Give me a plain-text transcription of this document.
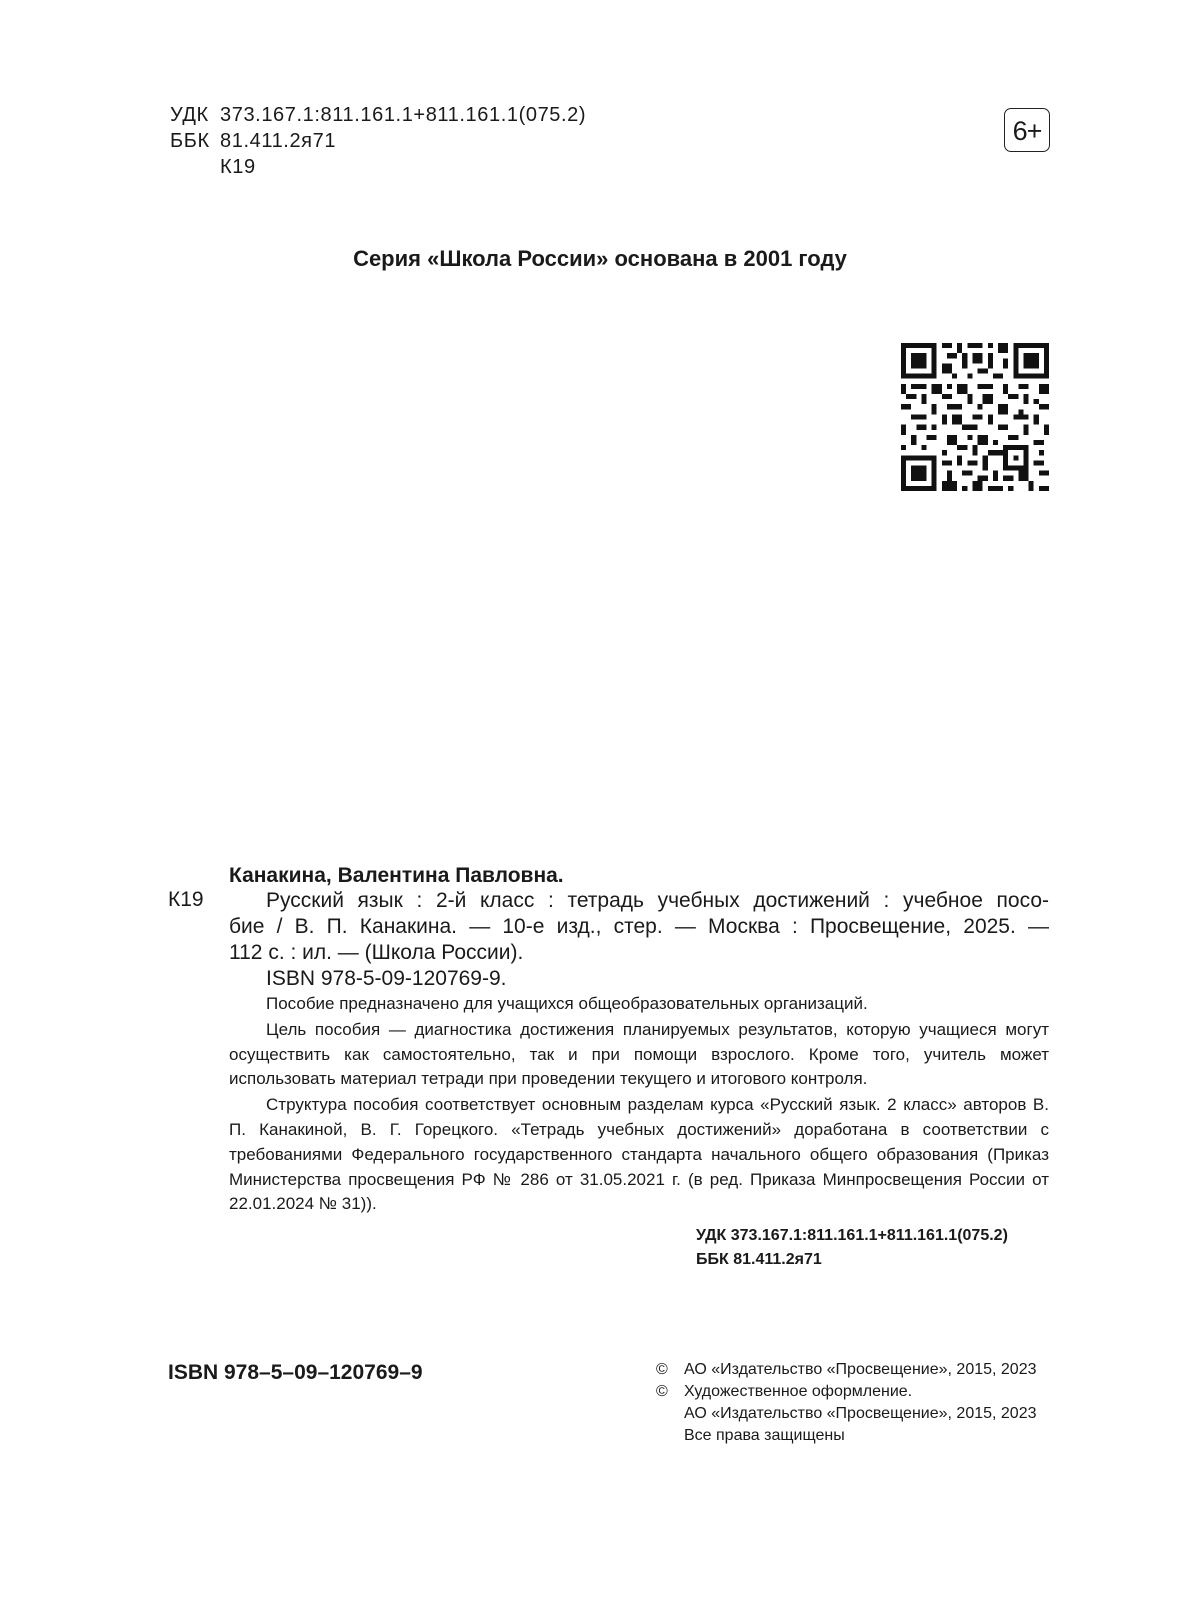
УДК 373.167.1:811.161.1+811.161.1(075.2)
ББК 81.411.2я71
К19
6+
Серия «Школа России» основана в 2001 году
Канакина, Валентина Павловна.
К19	Русский язык : 2-й класс : тетрадь учебных достижений : учебное посо-
бие / В. П. Канакина. — 10-е изд., стер. — Москва : Просвещение, 2025. —
112 с. : ил. — (Школа России).
ISBN 978-5-09-120769-9.

Пособие предназначено для учащихся общеобразовательных организаций.

Цель пособия — диагностика достижения планируемых результатов, которую учащиеся могут осуществить как самостоятельно, так и при помощи взрослого. Кроме того, учитель может использовать материал тетради при проведении текущего и итогового контроля.

Структура пособия соответствует основным разделам курса «Русский язык. 2 класс» авторов В. П. Канакиной, В. Г. Горецкого. «Тетрадь учебных достижений» доработана в соответствии с требованиями Федерального государственного стандарта начального общего образования (Приказ Министерства просвещения РФ № 286 от 31.05.2021 г. (в ред. Приказа Минпросвещения России от 22.01.2024 № 31)).

УДК 373.167.1:811.161.1+811.161.1(075.2)
ББК 81.411.2я71
ISBN 978–5–09–120769–9	©	АО «Издательство «Просвещение», 2015, 2023
©	Художественное оформление.
АО «Издательство «Просвещение», 2015, 2023
Все права защищены
